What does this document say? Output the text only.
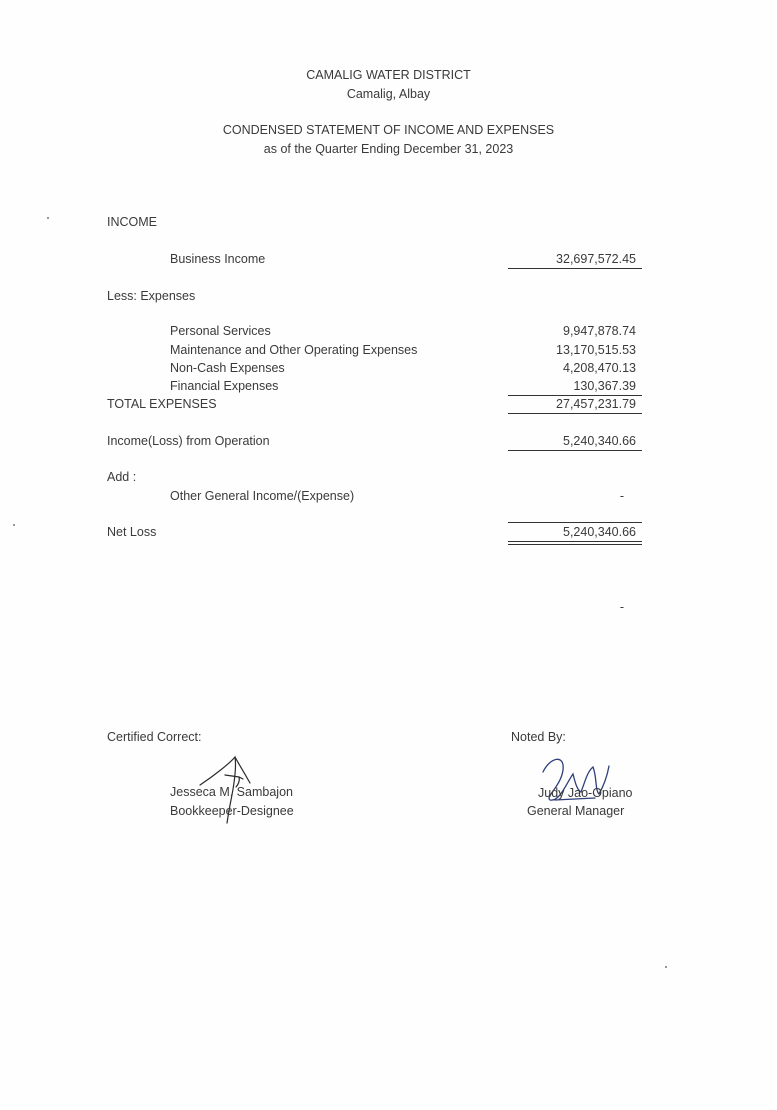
CAMALIG WATER DISTRICT
Camalig, Albay
CONDENSED STATEMENT OF INCOME AND EXPENSES
as of the Quarter Ending December 31, 2023
INCOME
Business Income	32,697,572.45
Less: Expenses
Personal Services	9,947,878.74
Maintenance and Other Operating Expenses	13,170,515.53
Non-Cash Expenses	4,208,470.13
Financial Expenses	130,367.39
TOTAL EXPENSES	27,457,231.79
Income(Loss) from Operation	5,240,340.66
Add :
Other General Income/(Expense)	-
Net Loss	5,240,340.66
-
Certified Correct:	Noted By:
Jesseca M. Sambajon
Bookkeeper-Designee
Judy Jao-Opiano
General Manager
